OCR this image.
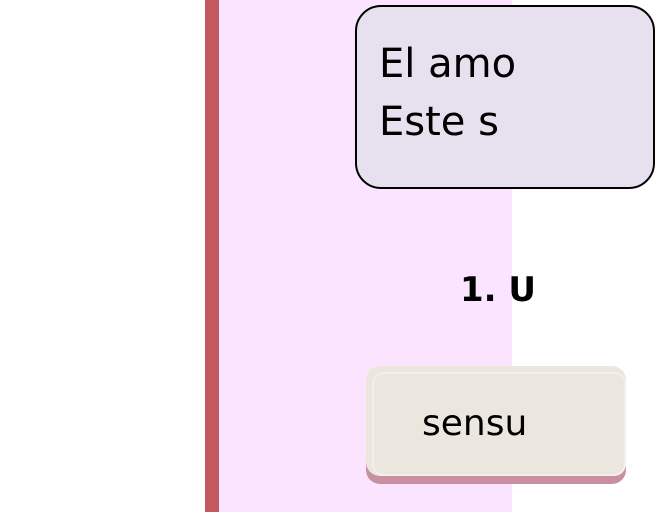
El amo
Este s
1. U
sensu
